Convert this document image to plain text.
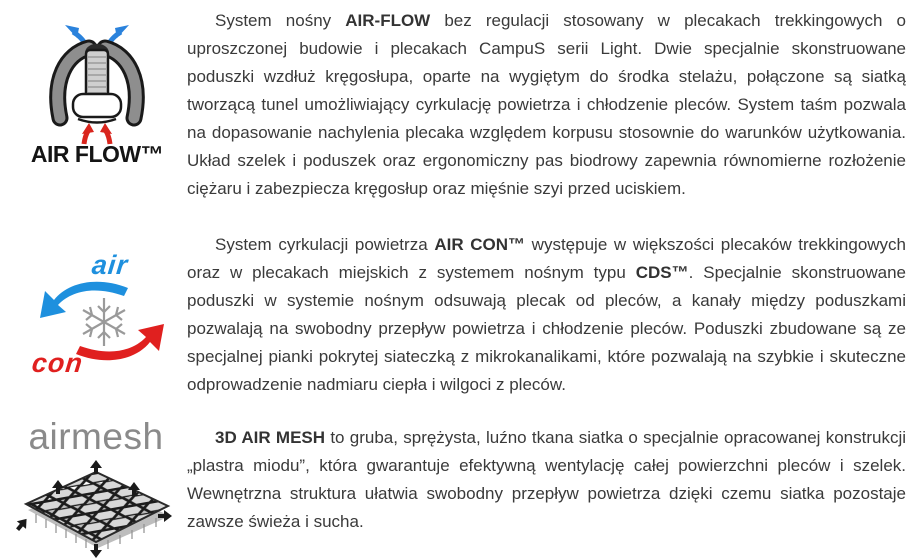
AIR FLOW™

System nośny AIR-FLOW bez regulacji stosowany w plecakach trekkingowych o uproszczonej budowie i plecakach CampuS serii Light. Dwie specjalnie skonstruowane poduszki wzdłuż kręgosłupa, oparte na wygiętym do środka stelażu, połączone są siatką tworzącą tunel umożliwiający cyrkulację powietrza i chłodzenie pleców. System taśm pozwala na dopasowanie nachylenia plecaka względem korpusu stosownie do warunków użytkowania. Układ szelek i poduszek oraz ergonomiczny pas biodrowy zapewnia równomierne rozłożenie ciężaru i zabezpiecza kręgosłup oraz mięśnie szyi przed uciskiem.

air
con

System cyrkulacji powietrza AIR CON™ występuje w większości plecaków trekkingowych oraz w plecakach miejskich z systemem nośnym typu CDS™. Specjalnie skonstruowane poduszki w systemie nośnym odsuwają plecak od pleców, a kanały między poduszkami pozwalają na swobodny przepływ powietrza i chłodzenie pleców. Poduszki zbudowane są ze specjalnej pianki pokrytej siateczką z mikrokanalikami, które pozwalają na szybkie i skuteczne odprowadzenie nadmiaru ciepła i wilgoci z pleców.

airmesh	3D AIR MESH to gruba, sprężysta, luźno tkana siatka o specjalnie opracowanej konstrukcji „plastra miodu”, która gwarantuje efektywną wentylację całej powierzchni pleców i szelek. Wewnętrzna struktura ułatwia swobodny przepływ powietrza dzięki czemu siatka pozostaje zawsze świeża i sucha.
